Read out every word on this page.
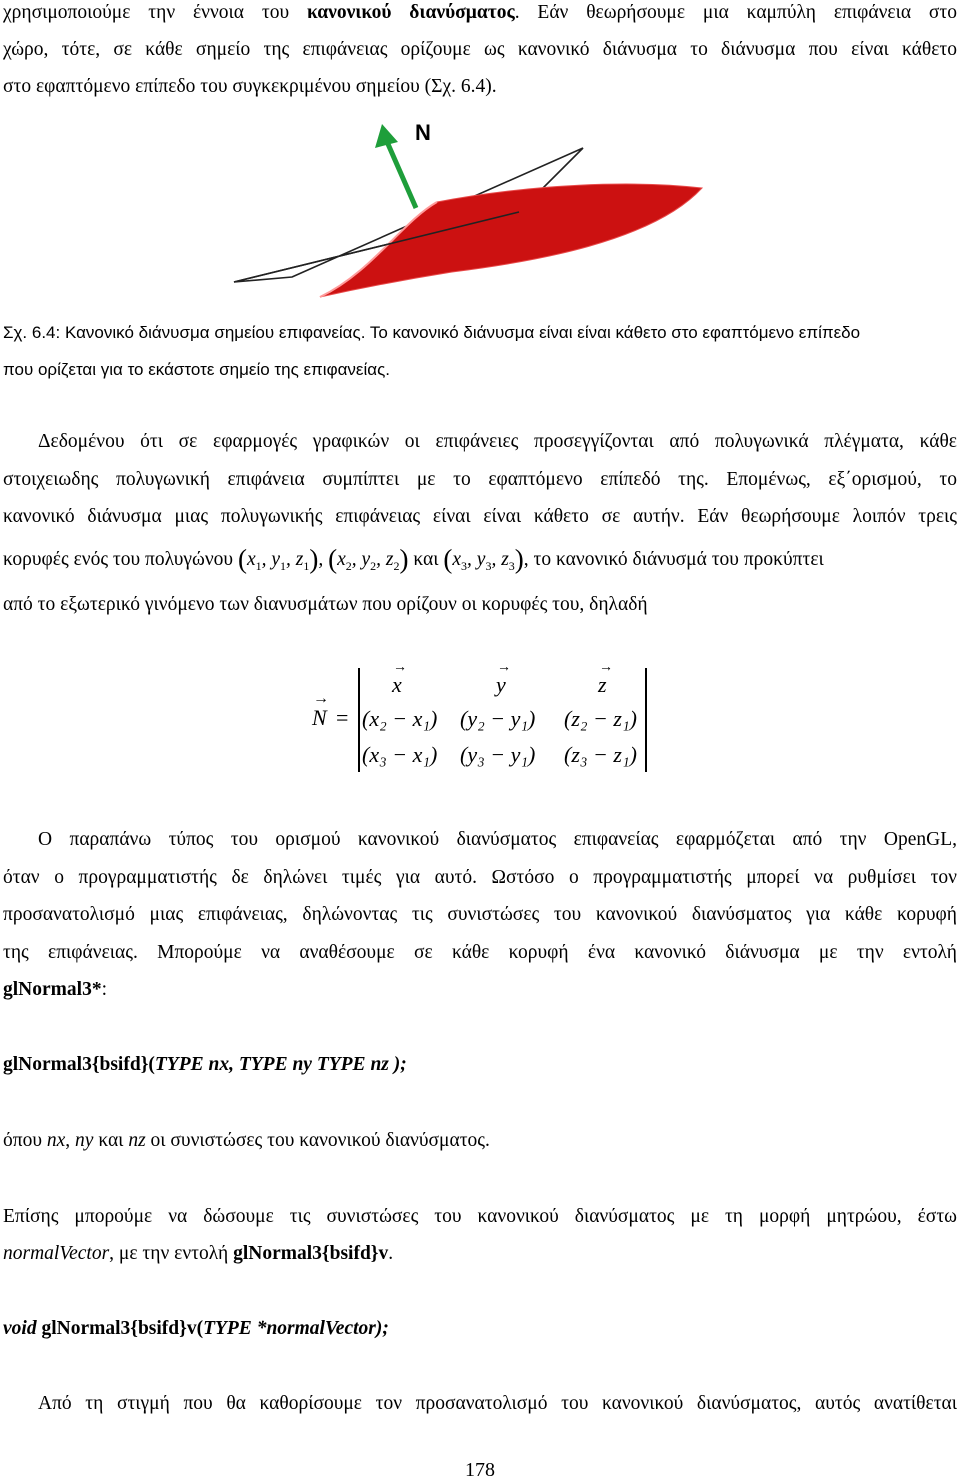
χρησιμοποιούμε την έννοια του κανονικού διανύσματος. Εάν θεωρήσουμε μια καμπύλη επιφάνεια στο
χώρο, τότε, σε κάθε σημείο της επιφάνειας ορίζουμε ως κανονικό διάνυσμα το διάνυσμα που είναι κάθετο
στο εφαπτόμενο επίπεδο του συγκεκριμένου σημείου (Σχ. 6.4).
N
Σχ. 6.4: Κανονικό διάνυσμα σημείου επιφανείας. Το κανονικό διάνυσμα είναι είναι κάθετο στο εφαπτόμενο επίπεδο
που ορίζεται για το εκάστοτε σημείο της επιφανείας.
Δεδομένου ότι σε εφαρμογές γραφικών οι επιφάνειες προσεγγίζονται από πολυγωνικά πλέγματα, κάθε
στοιχειωδης πολυγωνική επιφάνεια συμπίπτει με το εφαπτόμενο επίπεδό της. Επομένως, εξ΄ορισμού, το
κανονικό διάνυσμα μιας πολυγωνικής επιφάνειας είναι είναι κάθετο σε αυτήν. Εάν θεωρήσουμε λοιπόν τρεις
κορυφές ενός του πολυγώνου ($x_1$, $y_1$, $z_1$), ($x_2$, $y_2$, $z_2$) και ($x_3$, $y_3$, $z_3$), το κανονικό διάνυσμά του προκύπτει
από το εξωτερικό γινόμενο των διανυσμάτων που ορίζουν οι κορυφές του, δηλαδή
N
→
=
x
→
y
→
z
→
(x₂ − x₁) (y₂ − y₁) (z₂ − z₁)
(x₃ − x₁) (y₃ − y₁) (z₃ − z₁)
Ο παραπάνω τύπος του ορισμού κανονικού διανύσματος επιφανείας εφαρμόζεται από την OpenGL,
όταν ο προγραμματιστής δε δηλώνει τιμές για αυτό. Ωστόσο ο προγραμματιστής μπορεί να ρυθμίσει τον
προσανατολισμό μιας επιφάνειας, δηλώνοντας τις συνιστώσες του κανονικού διανύσματος για κάθε κορυφή
της επιφάνειας. Μπορούμε να αναθέσουμε σε κάθε κορυφή ένα κανονικό διάνυσμα με την εντολή
glNormal3*:
glNormal3{bsifd}(TYPE nx, TYPE ny TYPE nz );
όπου nx, ny και nz οι συνιστώσες του κανονικού διανύσματος.
Επίσης μπορούμε να δώσουμε τις συνιστώσες του κανονικού διανύσματος με τη μορφή μητρώου, έστω
normalVector, με την εντολή glNormal3{bsifd}v.
void glNormal3{bsifd}v(TYPE *normalVector);
Από τη στιγμή που θα καθορίσουμε τον προσανατολισμό του κανονικού διανύσματος, αυτός ανατίθεται
178
